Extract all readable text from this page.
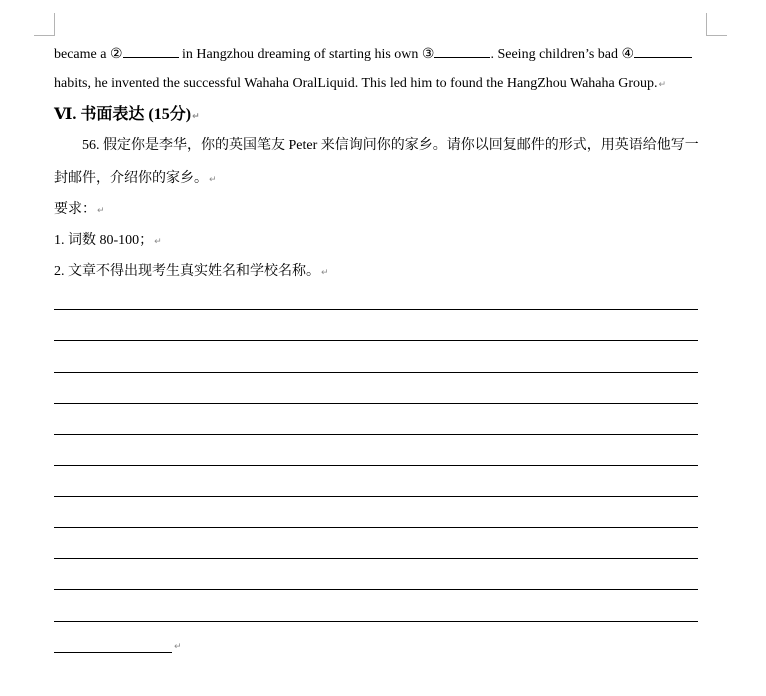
became a ②	in Hangzhou dreaming of starting his own ③	. Seeing children’s bad ④
habits, he invented the successful Wahaha OralLiquid. This led him to found the HangZhou Wahaha Group.↵
Ⅵ. 书面表达 (15分)↵
56. 假定你是李华，你的英国笔友 Peter 来信询问你的家乡。请你以回复邮件的形式，用英语给他写一
封邮件，介绍你的家乡。↵
要求：↵
1. 词数 80-100；↵
2. 文章不得出现考生真实姓名和学校名称。↵
↵
